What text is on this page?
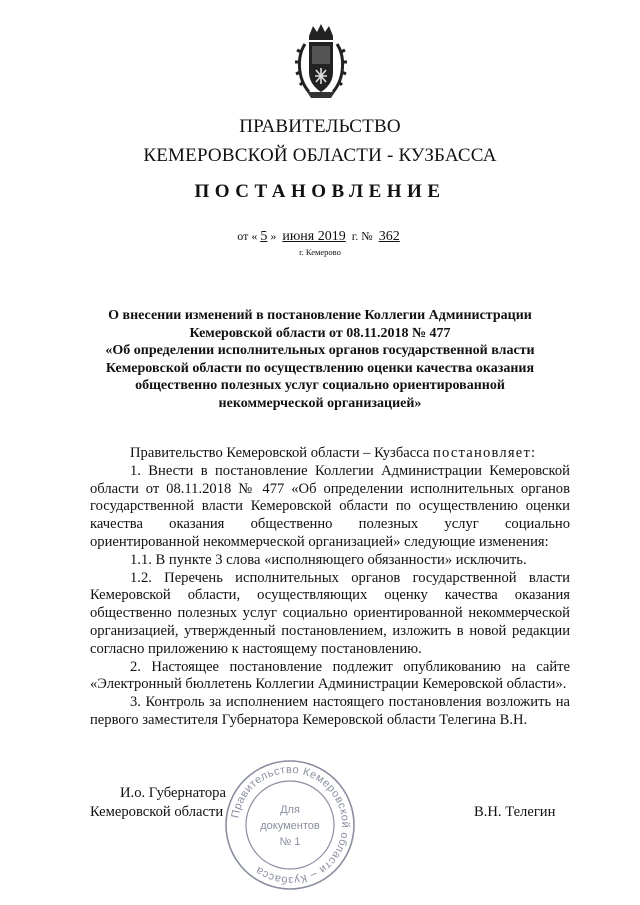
ПРАВИТЕЛЬСТВО
КЕМЕРОВСКОЙ ОБЛАСТИ - КУЗБАССА
ПОСТАНОВЛЕНИЕ
от « 5 » июня 2019 г. № 362
г. Кемерово
О внесении изменений в постановление Коллегии Администрации
Кемеровской области от 08.11.2018 № 477
«Об определении исполнительных органов государственной власти
Кемеровской области по осуществлению оценки качества оказания
общественно полезных услуг социально ориентированной
некоммерческой организацией»

Правительство Кемеровской области – Кузбасса постановляет:

1. Внести в постановление Коллегии Администрации Кемеровской области от 08.11.2018 № 477 «Об определении исполнительных органов государственной власти Кемеровской области по осуществлению оценки качества оказания общественно полезных услуг социально ориентированной некоммерческой организацией» следующие изменения:

1.1. В пункте 3 слова «исполняющего обязанности» исключить.

1.2. Перечень исполнительных органов государственной власти Кемеровской области, осуществляющих оценку качества оказания общественно полезных услуг социально ориентированной некоммерческой организацией, утвержденный постановлением, изложить в новой редакции согласно приложению к настоящему постановлению.

2. Настоящее постановление подлежит опубликованию на сайте «Электронный бюллетень Коллегии Администрации Кемеровской области».

3. Контроль за исполнением настоящего постановления возложить на первого заместителя Губернатора Кемеровской области Телегина В.Н.

И.о. Губернатора
Кемеровской области	В.Н. Телегин
Правительство Кемеровской области – Кузбасса
Для
документов
№ 1
